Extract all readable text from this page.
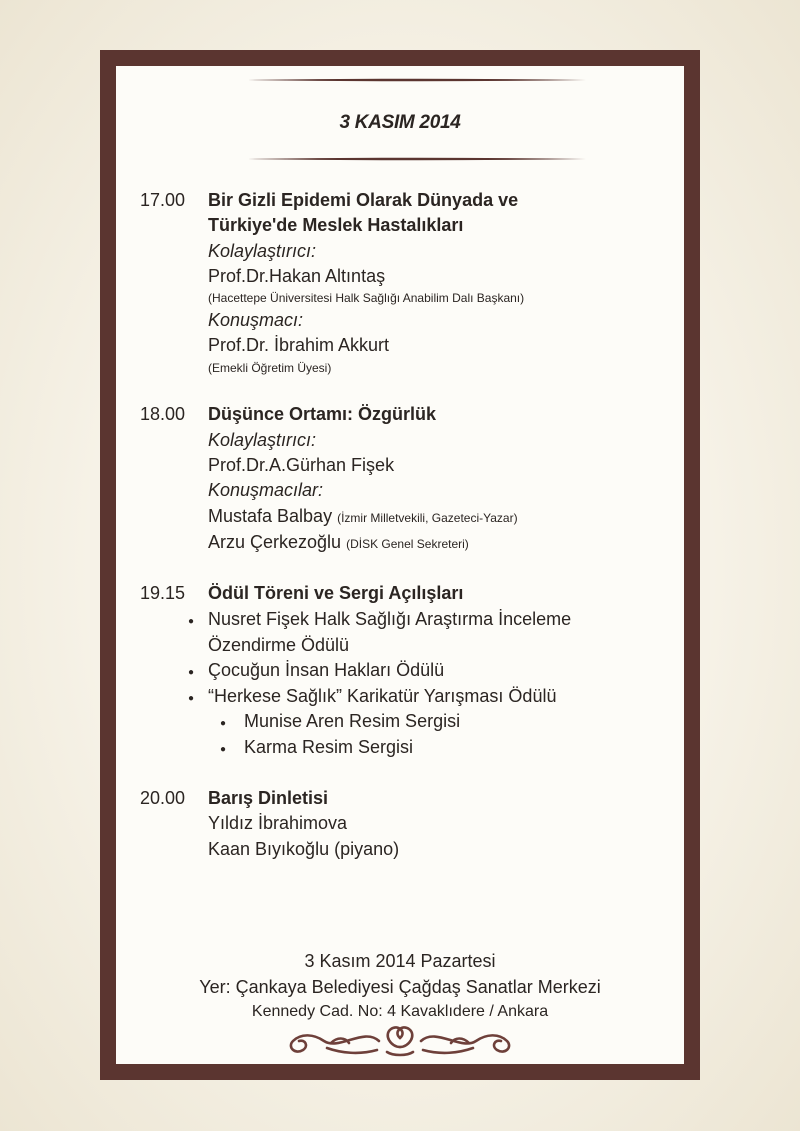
3 KASIM 2014
17.00 Bir Gizli Epidemi Olarak Dünyada ve
Türkiye'de Meslek Hastalıkları
Kolaylaştırıcı:
Prof.Dr.Hakan Altıntaş
(Hacettepe Üniversitesi Halk Sağlığı Anabilim Dalı Başkanı)
Konuşmacı:
Prof.Dr. İbrahim Akkurt
(Emekli Öğretim Üyesi)
18.00 Düşünce Ortamı: Özgürlük
Kolaylaştırıcı:
Prof.Dr.A.Gürhan Fişek
Konuşmacılar:
Mustafa Balbay (İzmir Milletvekili, Gazeteci-Yazar)
Arzu Çerkezoğlu (DİSK Genel Sekreteri)
19.15 Ödül Töreni ve Sergi Açılışları
● Nusret Fişek Halk Sağlığı Araştırma İnceleme
Özendirme Ödülü
● Çocuğun İnsan Hakları Ödülü
● “Herkese Sağlık” Karikatür Yarışması Ödülü
● Munise Aren Resim Sergisi
● Karma Resim Sergisi
20.00 Barış Dinletisi
Yıldız İbrahimova
Kaan Bıyıkoğlu (piyano)
3 Kasım 2014 Pazartesi
Yer: Çankaya Belediyesi Çağdaş Sanatlar Merkezi
Kennedy Cad. No: 4 Kavaklıdere / Ankara
